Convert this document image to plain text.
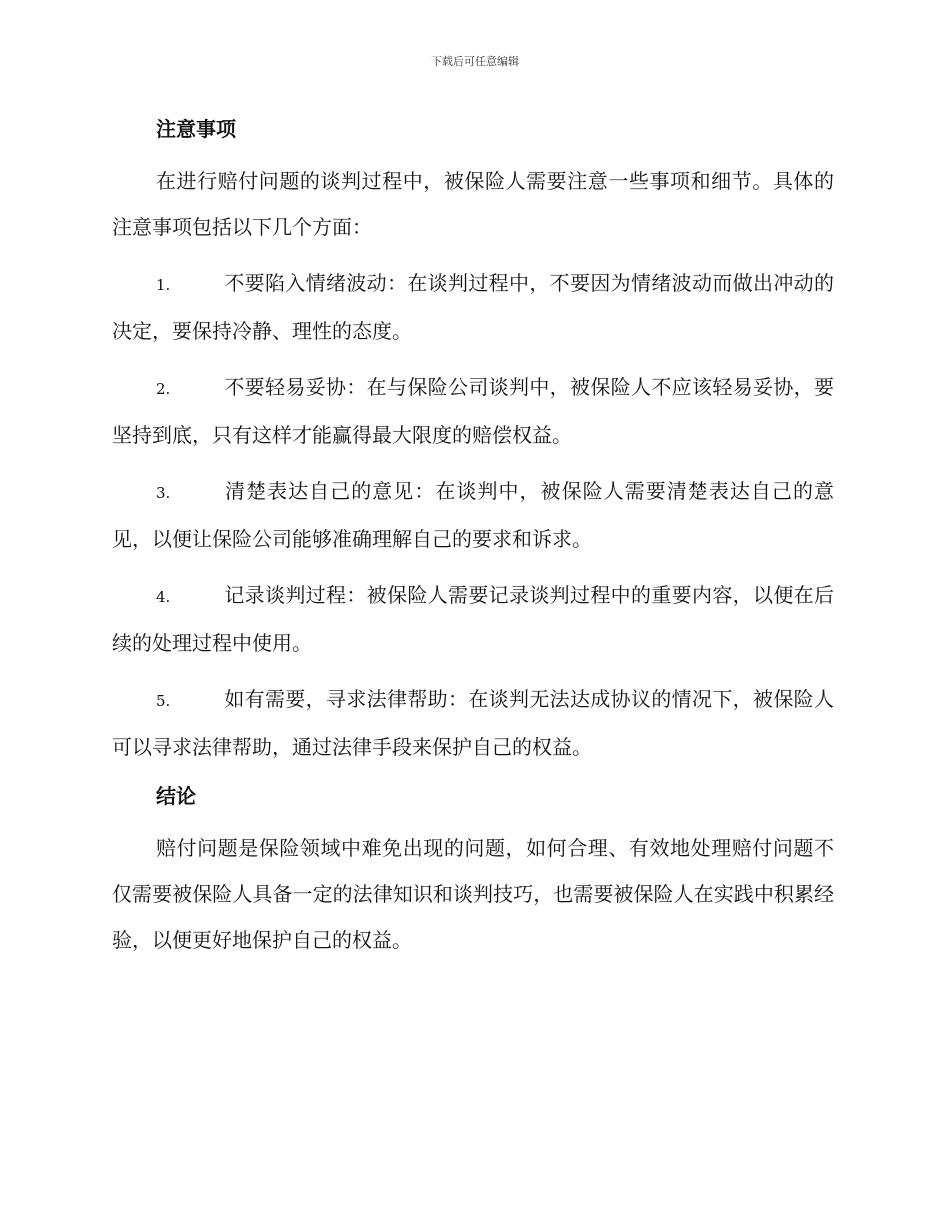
下载后可任意编辑
注意事项

在进行赔付问题的谈判过程中，被保险人需要注意一些事项和细节。具体的注意事项包括以下几个方面：

1.	不要陷入情绪波动：在谈判过程中，不要因为情绪波动而做出冲动的决定，要保持冷静、理性的态度。

2.	不要轻易妥协：在与保险公司谈判中，被保险人不应该轻易妥协，要坚持到底，只有这样才能赢得最大限度的赔偿权益。

3.	清楚表达自己的意见：在谈判中，被保险人需要清楚表达自己的意见，以便让保险公司能够准确理解自己的要求和诉求。

4.	记录谈判过程：被保险人需要记录谈判过程中的重要内容，以便在后续的处理过程中使用。

5.	如有需要，寻求法律帮助：在谈判无法达成协议的情况下，被保险人可以寻求法律帮助，通过法律手段来保护自己的权益。

结论

赔付问题是保险领域中难免出现的问题，如何合理、有效地处理赔付问题不仅需要被保险人具备一定的法律知识和谈判技巧，也需要被保险人在实践中积累经验，以便更好地保护自己的权益。
